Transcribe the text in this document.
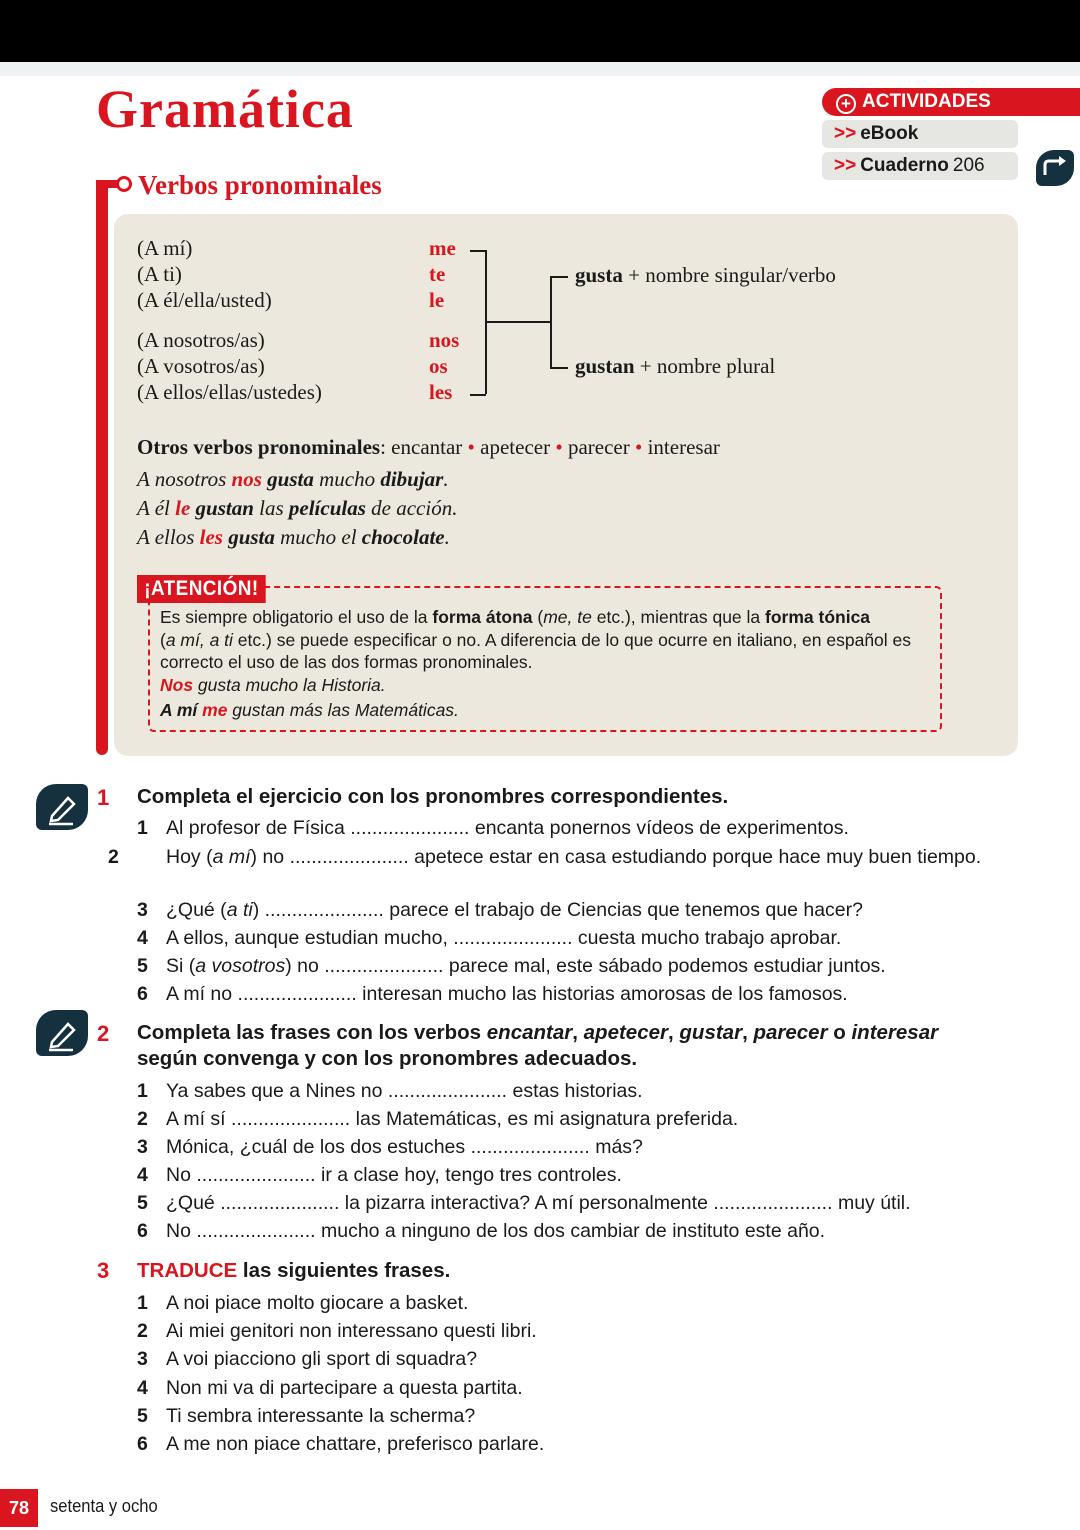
Gramática	+ ACTIVIDADES
>> eBook
>> Cuaderno 206
Verbos pronominales
(A mí)
(A ti)
(A él/ella/usted)
(A nosotros/as)
(A vosotros/as)
(A ellos/ellas/ustedes)
me
te
le
nos
os
les
gusta + nombre singular/verbo
gustan + nombre plural
Otros verbos pronominales: encantar • apetecer • parecer • interesar
A nosotros nos gusta mucho dibujar.
A él le gustan las películas de acción.
A ellos les gusta mucho el chocolate.
¡ATENCIÓN!
Es siempre obligatorio el uso de la forma átona (me, te etc.), mientras que la forma tónica
(a mí, a ti etc.) se puede especificar o no. A diferencia de lo que ocurre en italiano, en español es correcto el uso de las dos formas pronominales.
Nos gusta mucho la Historia.
A mí me gustan más las Matemáticas.
1 Completa el ejercicio con los pronombres correspondientes.
1 Al profesor de Física ...................... encanta ponernos vídeos de experimentos.
2 Hoy (a mí) no ...................... apetece estar en casa estudiando porque hace muy buen tiempo.
3 ¿Qué (a ti) ...................... parece el trabajo de Ciencias que tenemos que hacer?
4 A ellos, aunque estudian mucho, ...................... cuesta mucho trabajo aprobar.
5 Si (a vosotros) no ...................... parece mal, este sábado podemos estudiar juntos.
6 A mí no ...................... interesan mucho las historias amorosas de los famosos.
2 Completa las frases con los verbos encantar, apetecer, gustar, parecer o interesar
según convenga y con los pronombres adecuados.
1 Ya sabes que a Nines no ...................... estas historias.
2 A mí sí ...................... las Matemáticas, es mi asignatura preferida.
3 Mónica, ¿cuál de los dos estuches ...................... más?
4 No ...................... ir a clase hoy, tengo tres controles.
5 ¿Qué ...................... la pizarra interactiva? A mí personalmente ...................... muy útil.
6 No ...................... mucho a ninguno de los dos cambiar de instituto este año.
3 TRADUCE las siguientes frases.
1 A noi piace molto giocare a basket.
2 Ai miei genitori non interessano questi libri.
3 A voi piacciono gli sport di squadra?
4 Non mi va di partecipare a questa partita.
5 Ti sembra interessante la scherma?
6 A me non piace chattare, preferisco parlare.
78	setenta y ocho
